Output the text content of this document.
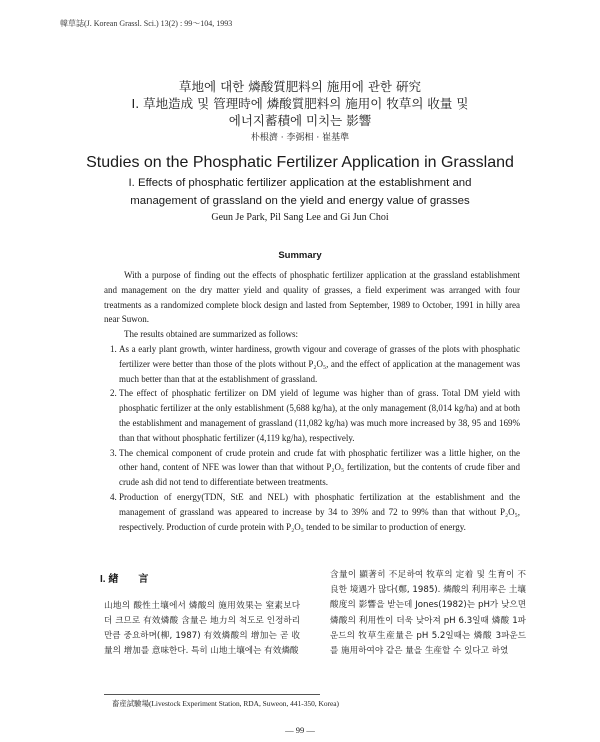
韓草誌(J. Korean Grassl. Sci.) 13(2) : 99～104, 1993
草地에 대한 燐酸質肥料의 施用에 관한 硏究
I. 草地造成 및 管理時에 燐酸質肥料의 施用이 牧草의 收量 및
에너지蓄積에 미치는 影響
朴根濟 · 李弼相 · 崔基準
Studies on the Phosphatic Fertilizer Application in Grassland
I. Effects of phosphatic fertilizer application at the establishment and
management of grassland on the yield and energy value of grasses
Geun Je Park, Pil Sang Lee and Gi Jun Choi
Summary

With a purpose of finding out the effects of phosphatic fertilizer application at the grassland establishment and management on the dry matter yield and quality of grasses, a field experiment was arranged with four treatments as a randomized complete block design and lasted from September, 1989 to October, 1991 in hilly area near Suwon.

The results obtained are summarized as follows:

1. As a early plant growth, winter hardiness, growth vigour and coverage of grasses of the plots with phosphatic fertilizer were better than those of the plots without P₂O₅, and the effect of application at the management was much better than that at the establishment of grassland.
2. The effect of phosphatic fertilizer on DM yield of legume was higher than of grass. Total DM yield with phosphatic fertilizer at the only establishment (5,688 kg/ha), at the only management (8,014 kg/ha) and at both the establishment and management of grassland (11,082 kg/ha) was much more increased by 38, 95 and 169% than that without phosphatic fertilizer (4,119 kg/ha), respectively.
3. The chemical component of crude protein and crude fat with phosphatic fertilizer was a little higher, on the other hand, content of NFE was lower than that without P₂O₅ fertilization, but the contents of crude fiber and crude ash did not tend to differentiate between treatments.
4. Production of energy(TDN, StE and NEL) with phosphatic fertilization at the establishment and the management of grassland was appeared to increase by 34 to 39% and 72 to 99% than that without P₂O₅, respectively. Production of curde protein with P₂O₅ tended to be similar to production of energy.
I. 緖　　言

山地의 酸性土壤에서 燐酸의 施用效果는 窒素보다 더 크므로 有效燐酸 含量은 地力의 척도로 인정하리만큼 중요하며(柳, 1987) 有效燐酸의 增加는 곧 收量의 增加를 意味한다. 특히 山地土壤에는 有效燐酸

含量이 顯著히 不足하여 牧草의 定着 및 生育이 不良한 境遇가 많다(鄭, 1985). 燐酸의 利用率은 土壤酸度의 影響을 받는데 Jones(1982)는 pH가 낮으면 燐酸의 利用性이 더욱 낮아져 pH 6.3일때 燐酸 1파운드의 牧草生産量은 pH 5.2일때는 燐酸 3파운드를 施用하여야 같은 量을 生産할 수 있다고 하였

畜産試驗場(Livestock Experiment Station, RDA, Suweon, 441-350, Korea)
— 99 —
